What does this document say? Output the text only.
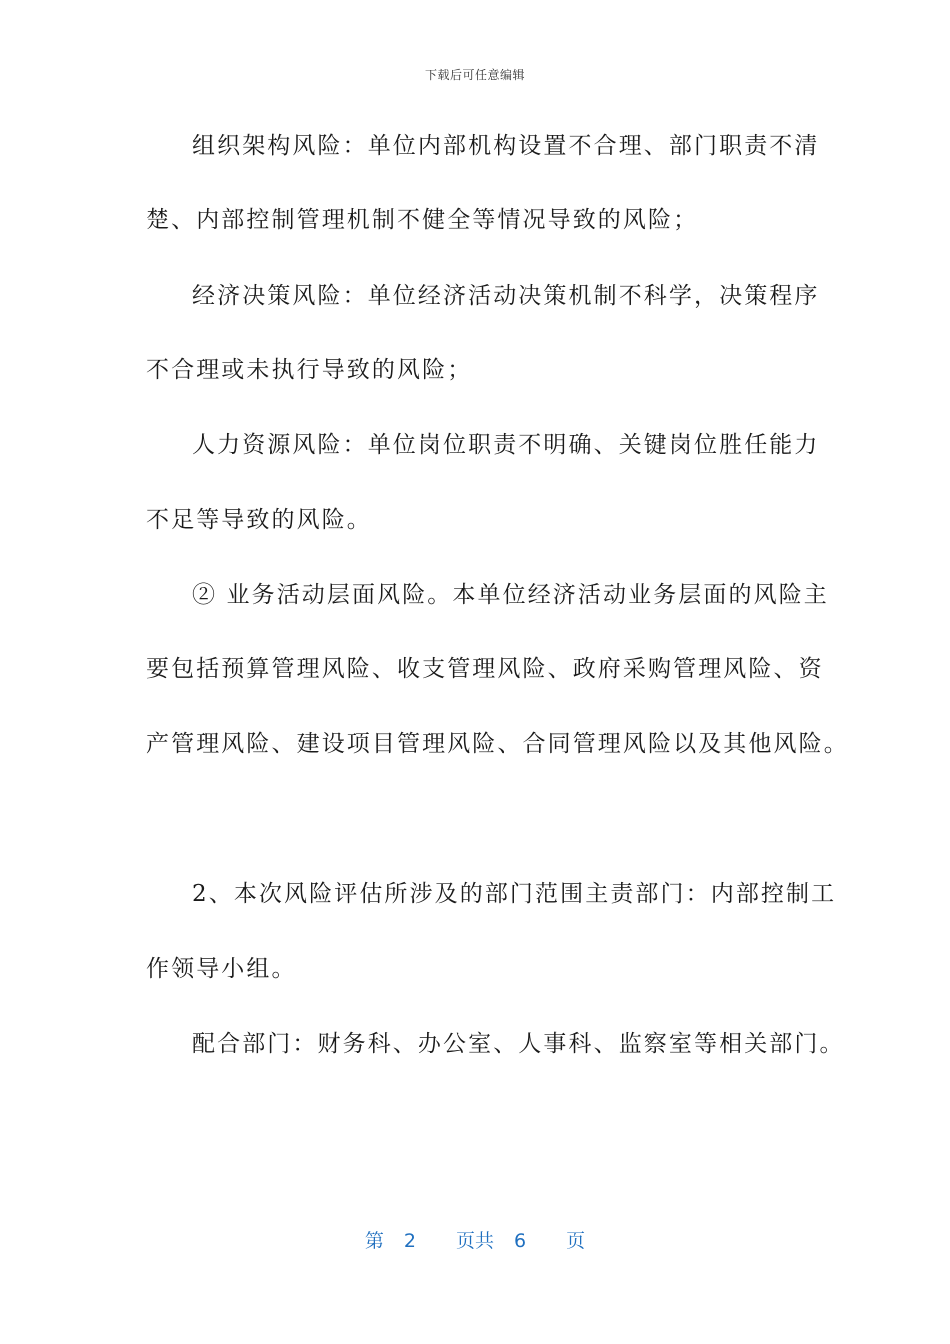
下载后可任意编辑
组织架构风险：单位内部机构设置不合理、部门职责不清
楚、内部控制管理机制不健全等情况导致的风险；
经济决策风险：单位经济活动决策机制不科学，决策程序
不合理或未执行导致的风险；
人力资源风险：单位岗位职责不明确、关键岗位胜任能力
不足等导致的风险。
② 业务活动层面风险。本单位经济活动业务层面的风险主
要包括预算管理风险、收支管理风险、政府采购管理风险、资
产管理风险、建设项目管理风险、合同管理风险以及其他风险。
2、本次风险评估所涉及的部门范围主责部门：内部控制工
作领导小组。
配合部门：财务科、办公室、人事科、监察室等相关部门。
第 2 页共 6 页
